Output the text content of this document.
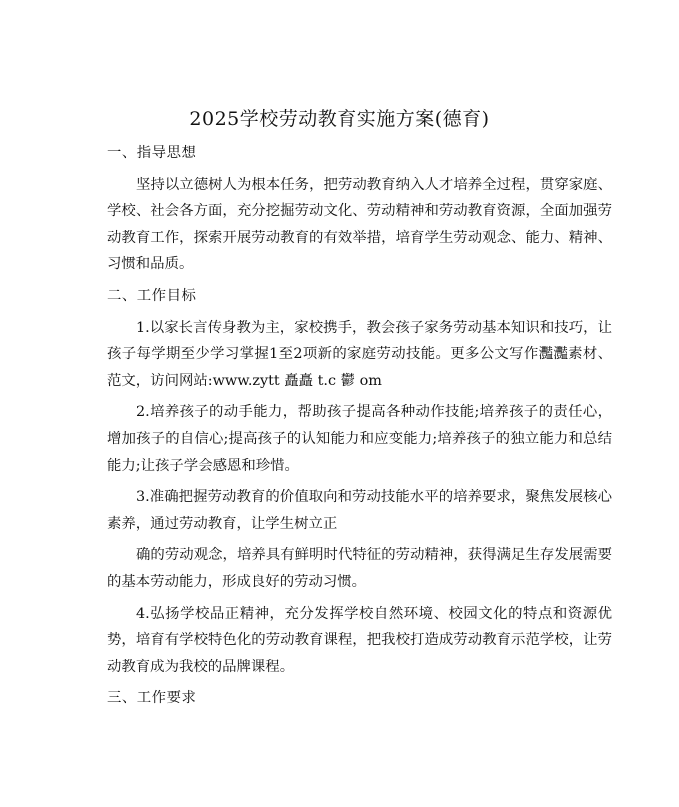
2025学校劳动教育实施方案(德育)

一、指导思想

坚持以立德树人为根本任务，把劳动教育纳入人才培养全过程，贯穿家庭、学校、社会各方面，充分挖掘劳动文化、劳动精神和劳动教育资源，全面加强劳动教育工作，探索开展劳动教育的有效举措，培育学生劳动观念、能力、精神、习惯和品质。

二、工作目标

1.以家长言传身教为主，家校携手，教会孩子家务劳动基本知识和技巧，让孩子每学期至少学习掌握1至2项新的家庭劳动技能。更多公文写作灩灩素材、范文，访问网站:www.zytt 矗矗 t.c 鬱 om

2.培养孩子的动手能力，帮助孩子提高各种动作技能;培养孩子的责任心，增加孩子的自信心;提高孩子的认知能力和应变能力;培养孩子的独立能力和总结能力;让孩子学会感恩和珍惜。

3.准确把握劳动教育的价值取向和劳动技能水平的培养要求，聚焦发展核心素养，通过劳动教育，让学生树立正

确的劳动观念，培养具有鲜明时代特征的劳动精神，获得满足生存发展需要的基本劳动能力，形成良好的劳动习惯。

4.弘扬学校品正精神，充分发挥学校自然环境、校园文化的特点和资源优势，培育有学校特色化的劳动教育课程，把我校打造成劳动教育示范学校，让劳动教育成为我校的品牌课程。

三、工作要求
